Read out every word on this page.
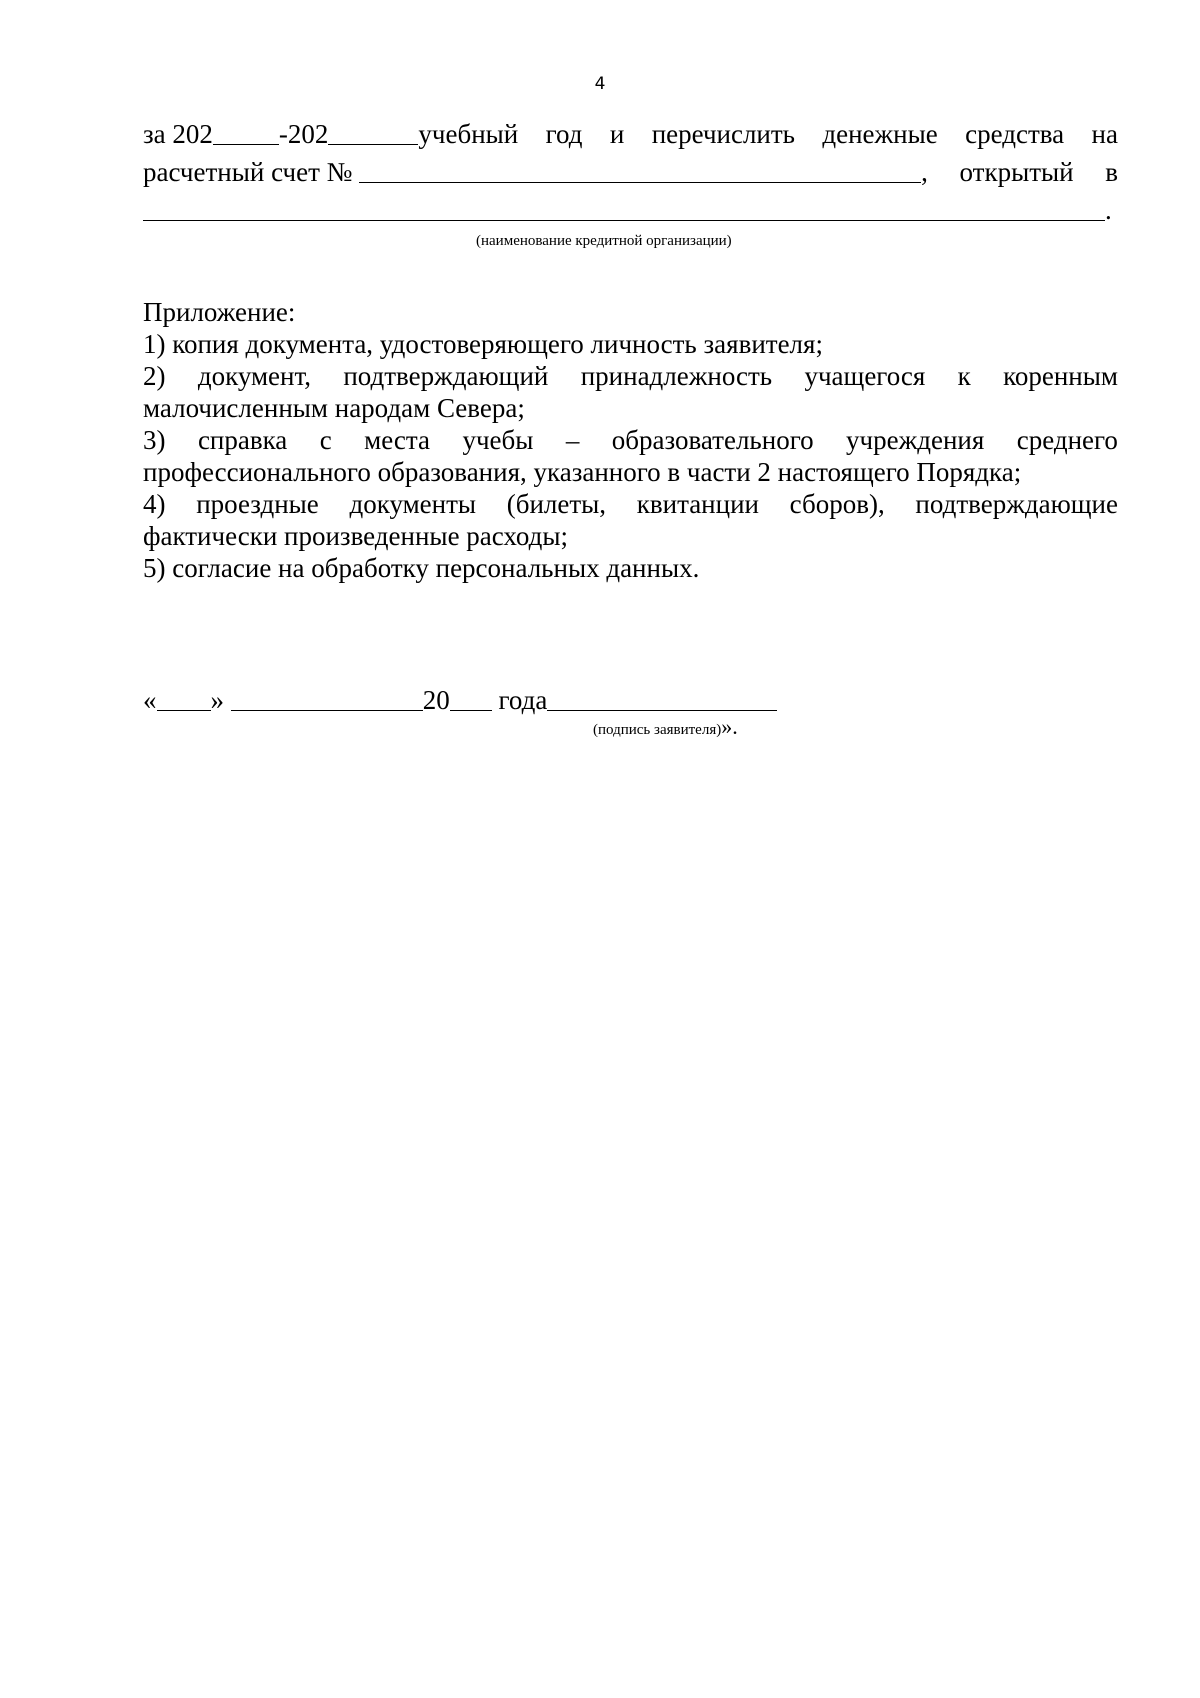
4
за 202 -202	учебный год и перечислить денежные средства на
расчетный счет №	, открытый в
.
(наименование кредитной организации)
Приложение:
1) копия документа, удостоверяющего личность заявителя;
2) документ, подтверждающий принадлежность учащегося к коренным
малочисленным народам Севера;
3) справка с места учебы – образовательного учреждения среднего
профессионального образования, указанного в части 2 настоящего Порядка;
4) проездные документы (билеты, квитанции сборов), подтверждающие
фактически произведенные расходы;
5) согласие на обработку персональных данных.
« »	20 года
(подпись заявителя)».
